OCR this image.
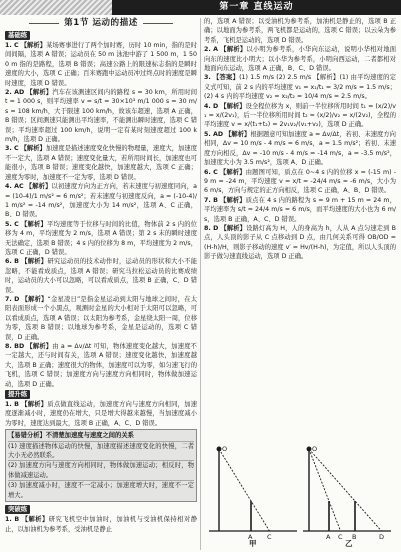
第一章 直线运动
第1节 运动的描述
基础练

1. C 【解析】某场赛事进行了两个加时赛，历时 10 min，指的是时间间隔，选项 A 错误；运动员在 50 m 泳池中游了 1 500 m，1 500 m 指的是路程，选项 B 错误；高速公路上的限速标志指的是瞬时速度的大小，选项 C 正确；百米赛跑中运动员冲过终点时的速度是瞬时速度，选项 D 错误。

2. AD 【解析】汽车在该测速区间内的路程 s = 30 km，所用时间 t = 1 000 s，则平均速率 v = s/t = 30×10³ m/1 000 s = 30 m/s = 108 km/h，大于限速 100 km/h，故该车超速，选项 A 正确，B 错误；区间测速只能测出平均速率，不能测出瞬时速度，选项 C 错误；平均速率超过 100 km/h，说明一定有某时刻速度超过 100 km/h，选项 D 正确。

3. C 【解析】加速度是描述速度变化快慢的物理量，速度大，加速度不一定大，选项 A 错误；速度变化量大，若所用时间长，加速度也可能很小，选项 B 错误；速度变化越快，加速度越大，选项 C 正确；速度为零时，加速度不一定为零，选项 D 错误。

4. AC 【解析】以初速度方向为正方向，若末速度与初速度同向，a = (10-4)/1 m/s² = 6 m/s²；若末速度与初速度反向，a = (-10-4)/1 m/s² = -14 m/s²，加速度大小为 14 m/s²，选项 A、C 正确，B、D 错误。

5. C 【解析】平均速度等于位移与时间的比值，物体前 2 s 内的位移为 4 m，平均速度为 2 m/s，选项 A 错误；第 2 s 末的瞬时速度无法确定，选项 B 错误；4 s 内的位移为 8 m，平均速度为 2 m/s，选项 C 正确，D 错误。

6. B 【解析】研究运动员的技术动作时，运动员的形状和大小不能忽略，不能看成质点，选项 A 错误；研究马拉松运动员的比赛成绩时，运动员的大小可以忽略，可以看成质点，选项 B 正确，C、D 错误。

7. D 【解析】“金星凌日”是指金星运动到太阳与地球之间时，在太阳表面形成一个小黑点，观测时金星的大小相对于太阳可以忽略，可以看成质点，选项 A 错误；以太阳为参考系，金星绕太阳一周，位移为零，选项 B 错误；以地球为参考系，金星是运动的，选项 C 错误，D 正确。

8. BD 【解析】由 a = Δv/Δt 可知，物体速度变化越大，加速度不一定越大，还与时间有关，选项 A 错误；速度变化越快，加速度越大，选项 B 正确；速度很大的物体，加速度可以为零，如匀速飞行的飞机，选项 C 错误；加速度方向与速度方向相同时，物体做加速运动，选项 D 正确。

提升练

1. B 【解析】质点做直线运动，加速度方向与速度方向相同，加速度逐渐减小时，速度仍在增大，只是增大得越来越慢，当加速度减小为零时，速度达到最大，选项 B 正确，A、C、D 错误。

【易错分析】不清楚加速度与速度之间的关系
(1) 速度描述物体运动的快慢，加速度描述速度变化的快慢，二者大小无必然联系。
(2) 加速度方向与速度方向相同时，物体做加速运动；相反时，物体做减速运动。
(3) 加速度减小时，速度不一定减小；加速度增大时，速度不一定增大。
突破练

1. B 【解析】研究飞机空中加油时，加油机与受油机保持相对静止，以加油机为参考系，受油机是静止

的，选项 A 错误；以受油机为参考系，加油机是静止的，选项 B 正确；以地面为参考系，两飞机都是运动的，选项 C 错误；以云朵为参考系，飞机是运动的，选项 D 错误。

2. A 【解析】以小明为参考系，小华向东运动，说明小华相对地面向东的速度比小明大；以小华为参考系，小明向西运动，二者都相对地面向东运动，选项 A 正确，B、C、D 错误。

3. 【答案】(1) 1.5 m/s (2) 2.5 m/s 【解析】(1) 由平均速度的定义式可知，前 2 s 内的平均速度 v₁ = x₁/t₁ = 3/2 m/s = 1.5 m/s；(2) 4 s 内的平均速度 v₂ = x₂/t₂ = 10/4 m/s = 2.5 m/s。

4. D 【解析】设全程位移为 x，则前一半位移所用时间 t₁ = (x/2)/v₁ = x/(2v₁)，后一半位移所用时间 t₂ = (x/2)/v₂ = x/(2v₂)，全程的平均速度 v = x/(t₁+t₂) = 2v₁v₂/(v₁+v₂)，选项 D 正确。

5. AD 【解析】根据题意可知加速度 a = Δv/Δt，若初、末速度方向相同，Δv = 10 m/s - 4 m/s = 6 m/s，a = 1.5 m/s²；若初、末速度方向相反，Δv = -10 m/s - 4 m/s = -14 m/s，a = -3.5 m/s²，加速度大小为 3.5 m/s²，选项 A、D 正确。

6. C 【解析】由题图可知，质点在 0~4 s 内的位移 x = (-15 m) - 9 m = -24 m，平均速度 v = x/t = -24/4 m/s = -6 m/s，大小为 6 m/s，方向与规定的正方向相反，选项 C 正确，A、B、D 错误。

7. B 【解析】质点在 4 s 内的路程为 s = 9 m + 15 m = 24 m，平均速率为 s/t = 24/4 m/s = 6 m/s，而平均速度的大小也为 6 m/s，选项 B 正确，A、C、D 错误。

8. D 【解析】设路灯高为 H，人的身高为 h，人从 A 点匀速走到 B 点，人头顶的影子从 C 点移动到 D 点，由几何关系可得 OB/OD = (H-h)/H，则影子移动的速度 v′ = Hv/(H-h)，为定值，所以人头顶的影子做匀速直线运动，选项 D 正确。

O
A C
O
A C B	D
甲	乙
